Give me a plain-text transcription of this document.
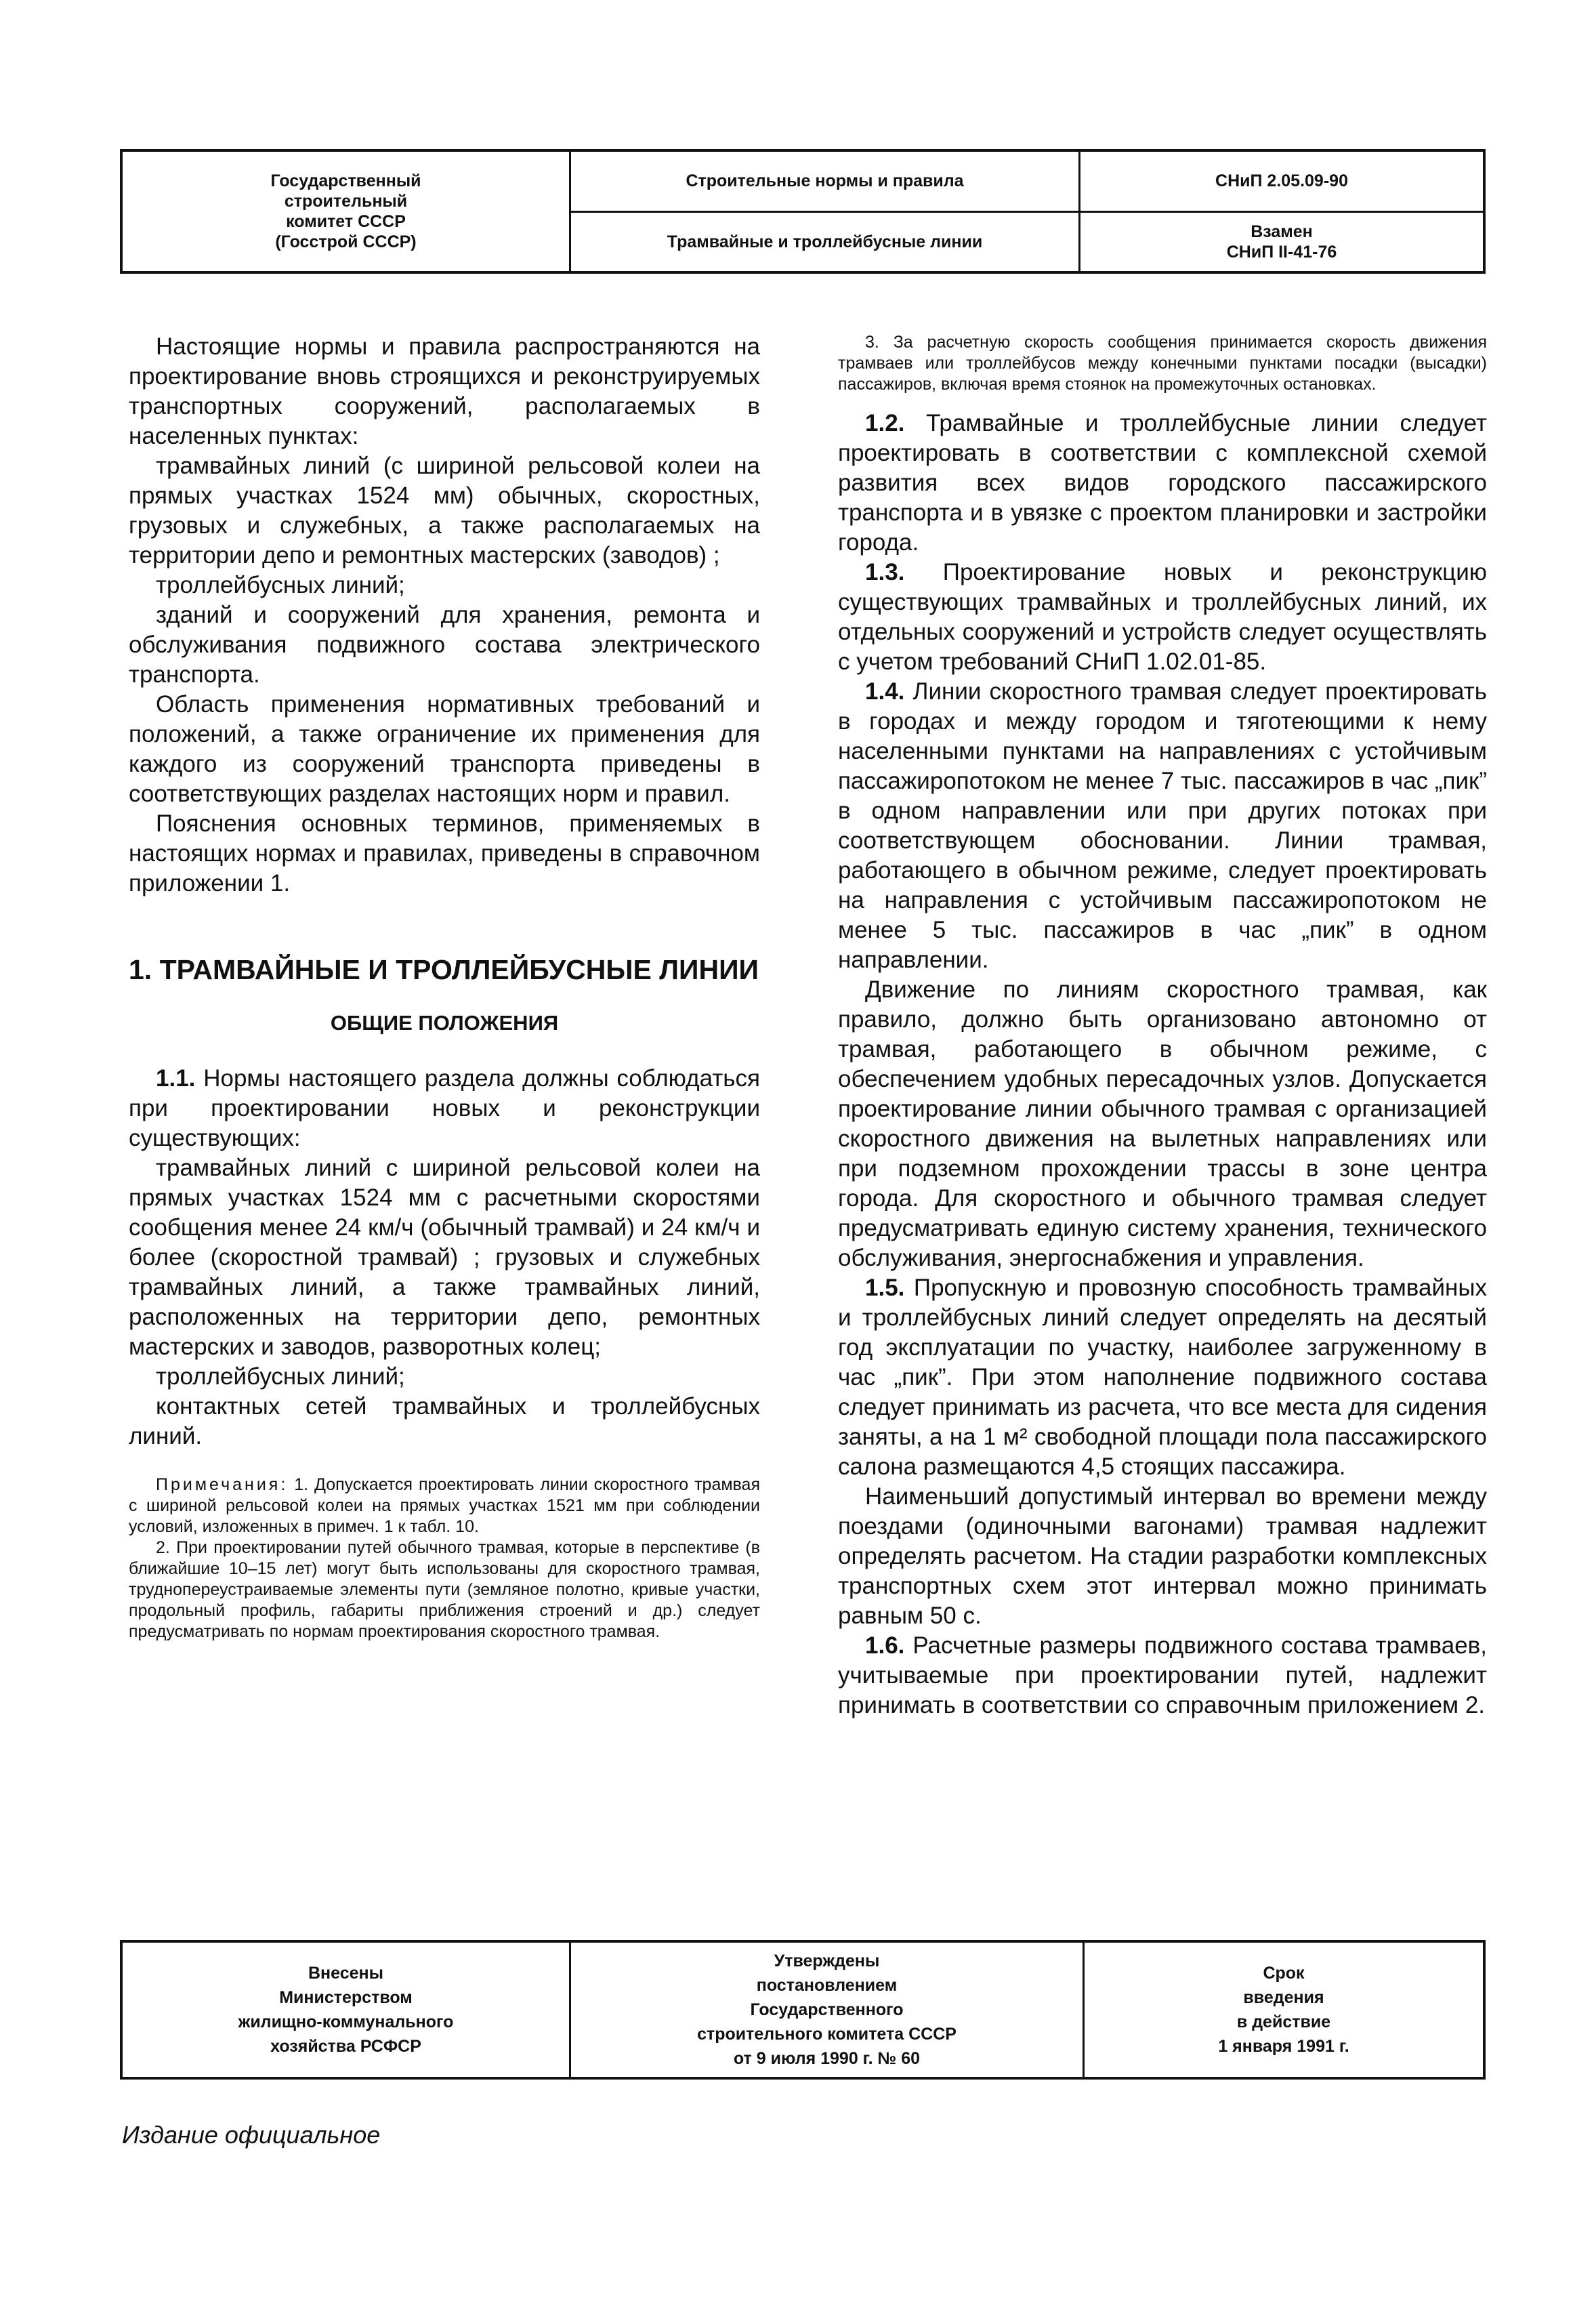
Государственный
строительный
комитет СССР
(Госстрой СССР)
Строительные нормы и правила
Трамвайные и троллейбусные линии
СНиП 2.05.09-90
Взамен
СНиП II-41-76

Настоящие нормы и правила распространяются на проектирование вновь строящихся и реконструируемых транспортных сооружений, располагаемых в населенных пунктах:

трамвайных линий (с шириной рельсовой колеи на прямых участках 1524 мм) обычных, скоростных, грузовых и служебных, а также располагаемых на территории депо и ремонтных мастерских (заводов) ;

троллейбусных линий;

зданий и сооружений для хранения, ремонта и обслуживания подвижного состава электрического транспорта.

Область применения нормативных требований и положений, а также ограничение их применения для каждого из сооружений транспорта приведены в соответствующих разделах настоящих норм и правил.

Пояснения основных терминов, применяемых в настоящих нормах и правилах, приведены в справочном приложении 1.

1. ТРАМВАЙНЫЕ И ТРОЛЛЕЙБУСНЫЕ ЛИНИИ

ОБЩИЕ ПОЛОЖЕНИЯ

1.1. Нормы настоящего раздела должны соблюдаться при проектировании новых и реконструкции существующих:

трамвайных линий с шириной рельсовой колеи на прямых участках 1524 мм с расчетными скоростями сообщения менее 24 км/ч (обычный трамвай) и 24 км/ч и более (скоростной трамвай) ; грузовых и служебных трамвайных линий, а также трамвайных линий, расположенных на территории депо, ремонтных мастерских и заводов, разворотных колец;

троллейбусных линий;

контактных сетей трамвайных и троллейбусных линий.

Примечания: 1. Допускается проектировать линии скоростного трамвая с шириной рельсовой колеи на прямых участках 1521 мм при соблюдении условий, изложенных в примеч. 1 к табл. 10.

2. При проектировании путей обычного трамвая, которые в перспективе (в ближайшие 10–15 лет) могут быть использованы для скоростного трамвая, труднопереустраиваемые элементы пути (земляное полотно, кривые участки, продольный профиль, габариты приближения строений и др.) следует предусматривать по нормам проектирования скоростного трамвая.

3. За расчетную скорость сообщения принимается скорость движения трамваев или троллейбусов между конечными пунктами посадки (высадки) пассажиров, включая время стоянок на промежуточных остановках.

1.2. Трамвайные и троллейбусные линии следует проектировать в соответствии с комплексной схемой развития всех видов городского пассажирского транспорта и в увязке с проектом планировки и застройки города.

1.3. Проектирование новых и реконструкцию существующих трамвайных и троллейбусных линий, их отдельных сооружений и устройств следует осуществлять с учетом требований СНиП 1.02.01-85.

1.4. Линии скоростного трамвая следует проектировать в городах и между городом и тяготеющими к нему населенными пунктами на направлениях с устойчивым пассажиропотоком не менее 7 тыс. пассажиров в час „пик” в одном направлении или при других потоках при соответствующем обосновании. Линии трамвая, работающего в обычном режиме, следует проектировать на направления с устойчивым пассажиропотоком не менее 5 тыс. пассажиров в час „пик” в одном направлении.

Движение по линиям скоростного трамвая, как правило, должно быть организовано автономно от трамвая, работающего в обычном режиме, с обеспечением удобных пересадочных узлов. Допускается проектирование линии обычного трамвая с организацией скоростного движения на вылетных направлениях или при подземном прохождении трассы в зоне центра города. Для скоростного и обычного трамвая следует предусматривать единую систему хранения, технического обслуживания, энергоснабжения и управления.

1.5. Пропускную и провозную способность трамвайных и троллейбусных линий следует определять на десятый год эксплуатации по участку, наиболее загруженному в час „пик”. При этом наполнение подвижного состава следует принимать из расчета, что все места для сидения заняты, а на 1 м² свободной площади пола пассажирского салона размещаются 4,5 стоящих пассажира.

Наименьший допустимый интервал во времени между поездами (одиночными вагонами) трамвая надлежит определять расчетом. На стадии разработки комплексных транспортных схем этот интервал можно принимать равным 50 с.

1.6. Расчетные размеры подвижного состава трамваев, учитываемые при проектировании путей, надлежит принимать в соответствии со справочным приложением 2.

Внесены
Министерством
жилищно-коммунального
хозяйства РСФСР
Утверждены
постановлением
Государственного
строительного комитета СССР
от 9 июля 1990 г. № 60
Срок
введения
в действие
1 января 1991 г.
Издание официальное
